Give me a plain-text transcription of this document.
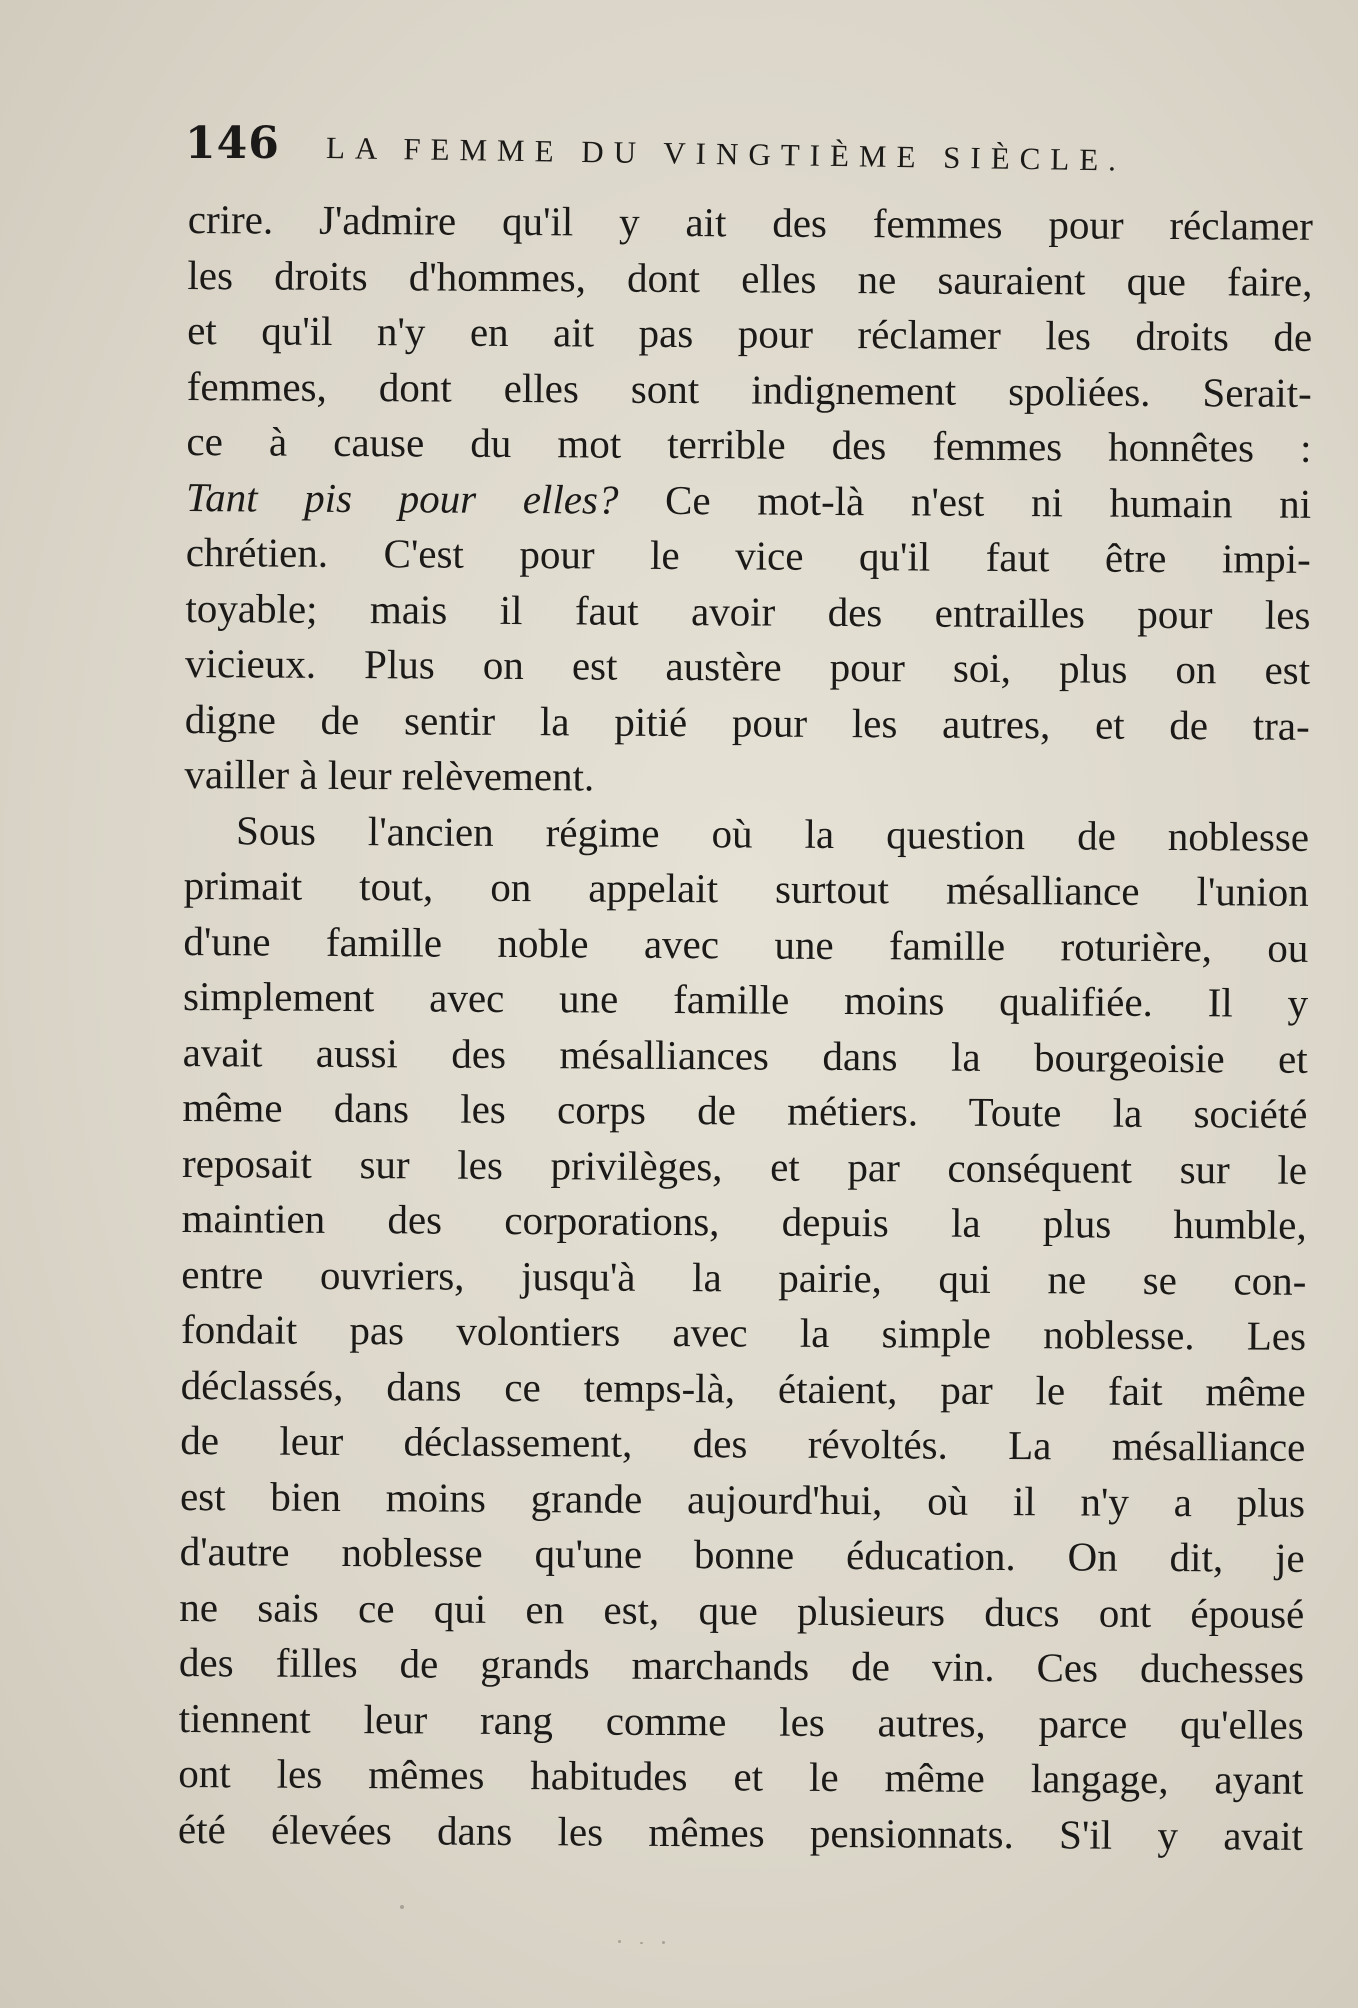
146 LA FEMME DU VINGTIÈME SIÈCLE.
crire. J'admire qu'il y ait des femmes pour réclamer
les droits d'hommes, dont elles ne sauraient que faire,
et qu'il n'y en ait pas pour réclamer les droits de
femmes, dont elles sont indignement spoliées. Serait-
ce à cause du mot terrible des femmes honnêtes :
Tant pis pour elles? Ce mot-là n'est ni humain ni
chrétien. C'est pour le vice qu'il faut être impi-
toyable; mais il faut avoir des entrailles pour les
vicieux. Plus on est austère pour soi, plus on est
digne de sentir la pitié pour les autres, et de tra-
vailler à leur relèvement.
Sous l'ancien régime où la question de noblesse
primait tout, on appelait surtout mésalliance l'union
d'une famille noble avec une famille roturière, ou
simplement avec une famille moins qualifiée. Il y
avait aussi des mésalliances dans la bourgeoisie et
même dans les corps de métiers. Toute la société
reposait sur les privilèges, et par conséquent sur le
maintien des corporations, depuis la plus humble,
entre ouvriers, jusqu'à la pairie, qui ne se con-
fondait pas volontiers avec la simple noblesse. Les
déclassés, dans ce temps-là, étaient, par le fait même
de leur déclassement, des révoltés. La mésalliance
est bien moins grande aujourd'hui, où il n'y a plus
d'autre noblesse qu'une bonne éducation. On dit, je
ne sais ce qui en est, que plusieurs ducs ont épousé
des filles de grands marchands de vin. Ces duchesses
tiennent leur rang comme les autres, parce qu'elles
ont les mêmes habitudes et le même langage, ayant
été élevées dans les mêmes pensionnats. S'il y avait
